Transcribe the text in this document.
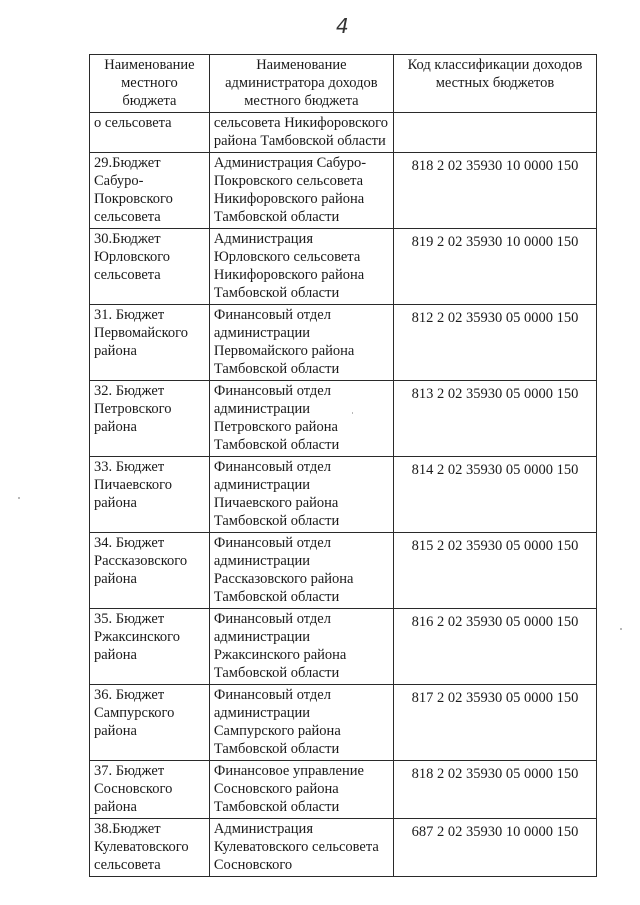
4
Наименование местного бюджета	Наименование администратора доходов местного бюджета	Код классификации доходов местных бюджетов
о сельсовета	сельсовета Никифоровского района Тамбовской области	
29.Бюджет Сабуро-Покровского сельсовета	Администрация Сабуро-Покровского сельсовета Никифоровского района Тамбовской области	818 2 02 35930 10 0000 150
30.Бюджет Юрловского сельсовета	Администрация Юрловского сельсовета Никифоровского района Тамбовской области	819 2 02 35930 10 0000 150
31. Бюджет Первомайского района	Финансовый отдел администрации Первомайского района Тамбовской области	812 2 02 35930 05 0000 150
32. Бюджет Петровского района	Финансовый отдел администрации Петровского района Тамбовской области	813 2 02 35930 05 0000 150
33. Бюджет Пичаевского района	Финансовый отдел администрации Пичаевского района Тамбовской области	814 2 02 35930 05 0000 150
34. Бюджет Рассказовского района	Финансовый отдел администрации Рассказовского района Тамбовской области	815 2 02 35930 05 0000 150
35. Бюджет Ржаксинского района	Финансовый отдел администрации Ржаксинского района Тамбовской области	816 2 02 35930 05 0000 150
36. Бюджет Сампурского района	Финансовый отдел администрации Сампурского района Тамбовской области	817 2 02 35930 05 0000 150
37. Бюджет Сосновского района	Финансовое управление Сосновского района Тамбовской области	818 2 02 35930 05 0000 150
38.Бюджет Кулеватовского сельсовета	Администрация Кулеватовского сельсовета Сосновского	687 2 02 35930 10 0000 150
